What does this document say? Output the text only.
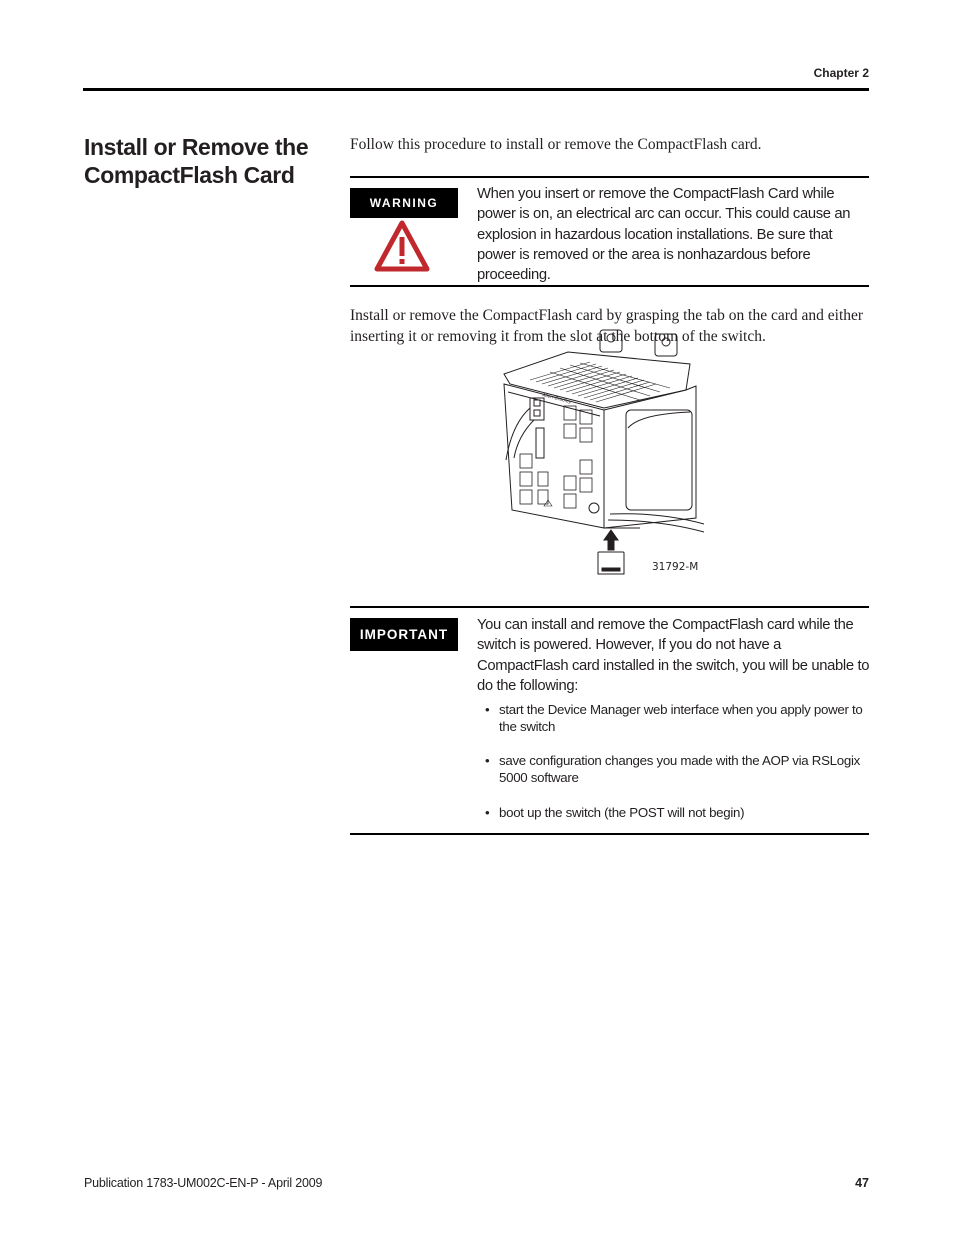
Chapter 2
Install or Remove the CompactFlash Card
Follow this procedure to install or remove the CompactFlash card.
WARNING
When you insert or remove the CompactFlash Card while power is on, an electrical arc can occur. This could cause an explosion in hazardous location installations. Be sure that power is removed or the area is nonhazardous before proceeding.
Install or remove the CompactFlash card by grasping the tab on the card and either inserting it or removing it from the slot at the bottom of the switch.
Allen-Bradley
31792-M
IMPORTANT
You can install and remove the CompactFlash card while the switch is powered. However, If you do not have a CompactFlash card installed in the switch, you will be unable to do the following:
• start the Device Manager web interface when you apply power to the switch
• save configuration changes you made with the AOP via RSLogix 5000 software
• boot up the switch (the POST will not begin)
Publication 1783-UM002C-EN-P - April 2009	47
